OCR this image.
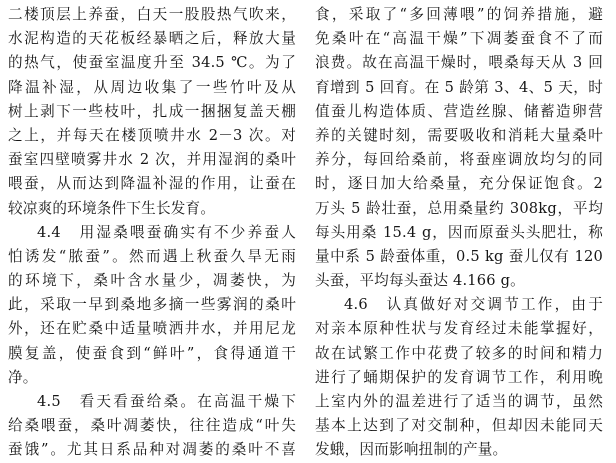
二楼顶层上养蚕，白天一股股热气吹来，
水泥构造的天花板经暴晒之后，释放大量
的热气，使蚕室温度升至 34.5 ℃。为了
降温补湿，从周边收集了一些竹叶及从
树上剥下一些枝叶，扎成一捆捆复盖天棚
之上，并每天在楼顶喷井水 2－3 次。对
蚕室四壁喷雾井水 2 次，并用湿润的桑叶
喂蚕，从而达到降温补湿的作用，让蚕在
较凉爽的环境条件下生长发育。
4.4　用湿桑喂蚕确实有不少养蚕人
怕诱发“脓蚕”。然而遇上秋蚕久旱无雨
的环境下，桑叶含水量少，凋萎快，为
此，采取一早到桑地多摘一些雾润的桑叶
外，还在贮桑中适量喷洒井水，并用尼龙
膜复盖，使蚕食到“鲜叶”，食得通道干
净。
4.5　看天看蚕给桑。在高温干燥下
给桑喂蚕，桑叶凋萎快，往往造成“叶失
蚕饿”。尤其日系品种对凋萎的桑叶不喜
食，采取了“多回薄喂”的饲养措施，避
免桑叶在“高温干燥”下凋萎蚕食不了而
浪费。故在高温干燥时，喂桑每天从 3 回
育增到 5 回育。在 5 龄第 3、4、5 天，时
值蚕儿构造体质、营造丝腺、储蓄造卵营
养的关键时刻，需要吸收和消耗大量桑叶
养分，每回给桑前，将蚕座调放均匀的同
时，逐日加大给桑量，充分保证饱食。2
万头 5 龄壮蚕，总用桑量约 308kg，平均
每头用桑 15.4 g，因而原蚕头头肥壮，称
量中系 5 龄蚕体重，0.5 kg 蚕儿仅有 120
头蚕，平均每头蚕达 4.166 g。
4.6　认真做好对交调节工作，由于
对亲本原种性状与发育经过未能掌握好，
故在试繁工作中花费了较多的时间和精力
进行了蛹期保护的发育调节工作，利用晚
上室内外的温差进行了适当的调节，虽然
基本上达到了对交制种，但却因未能同天
发蛾，因而影响扭制的产量。
